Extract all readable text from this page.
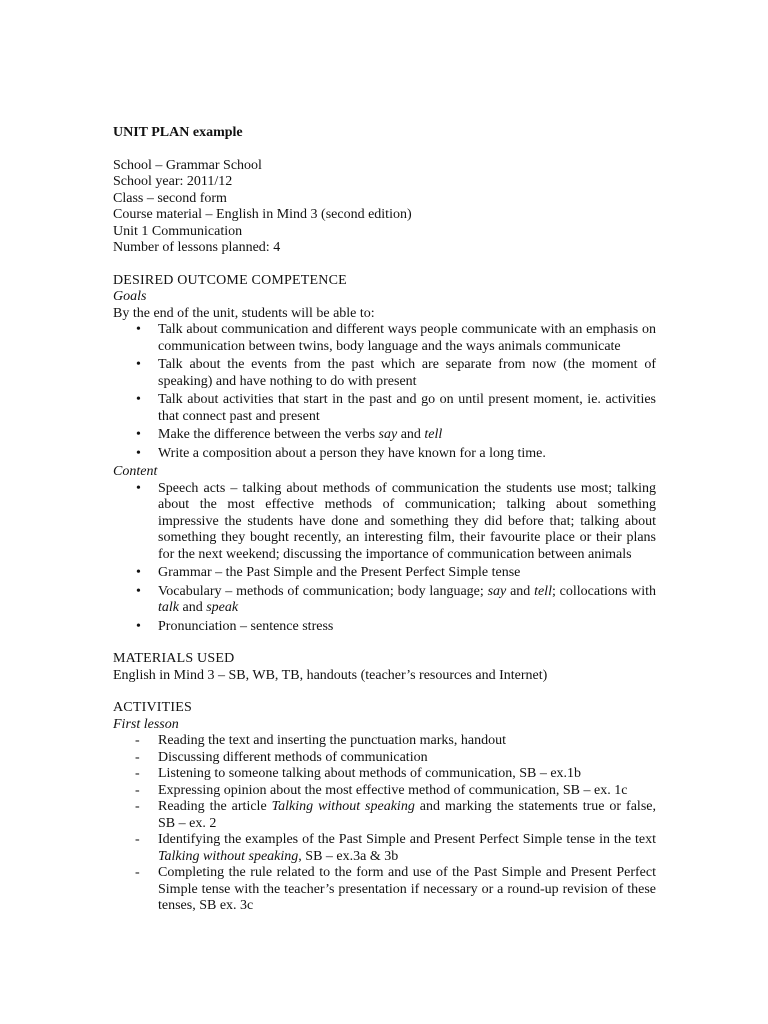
UNIT PLAN example

School – Grammar School

School year: 2011/12

Class – second form

Course material – English in Mind 3 (second edition)

Unit 1 Communication

Number of lessons planned: 4

DESIRED OUTCOME COMPETENCE

Goals

By the end of the unit, students will be able to:

• Talk about communication and different ways people communicate with an emphasis on communication between twins, body language and the ways animals communicate
• Talk about the events from the past which are separate from now (the moment of speaking) and have nothing to do with present
• Talk about activities that start in the past and go on until present moment, ie. activities that connect past and present
• Make the difference between the verbs say and tell
• Write a composition about a person they have known for a long time.

Content

• Speech acts – talking about methods of communication the students use most; talking about the most effective methods of communication; talking about something impressive the students have done and something they did before that; talking about something they bought recently, an interesting film, their favourite place or their plans for the next weekend; discussing the importance of communication between animals
• Grammar – the Past Simple and the Present Perfect Simple tense
• Vocabulary – methods of communication; body language; say and tell; collocations with talk and speak
• Pronunciation – sentence stress

MATERIALS USED

English in Mind 3 – SB, WB, TB, handouts (teacher’s resources and Internet)

ACTIVITIES

First lesson

- Reading the text and inserting the punctuation marks, handout
- Discussing different methods of communication
- Listening to someone talking about methods of communication, SB – ex.1b
- Expressing opinion about the most effective method of communication, SB – ex. 1c
- Reading the article Talking without speaking and marking the statements true or false, SB – ex. 2
- Identifying the examples of the Past Simple and Present Perfect Simple tense in the text Talking without speaking, SB – ex.3a & 3b
- Completing the rule related to the form and use of the Past Simple and Present Perfect Simple tense with the teacher’s presentation if necessary or a round-up revision of these tenses, SB ex. 3c
